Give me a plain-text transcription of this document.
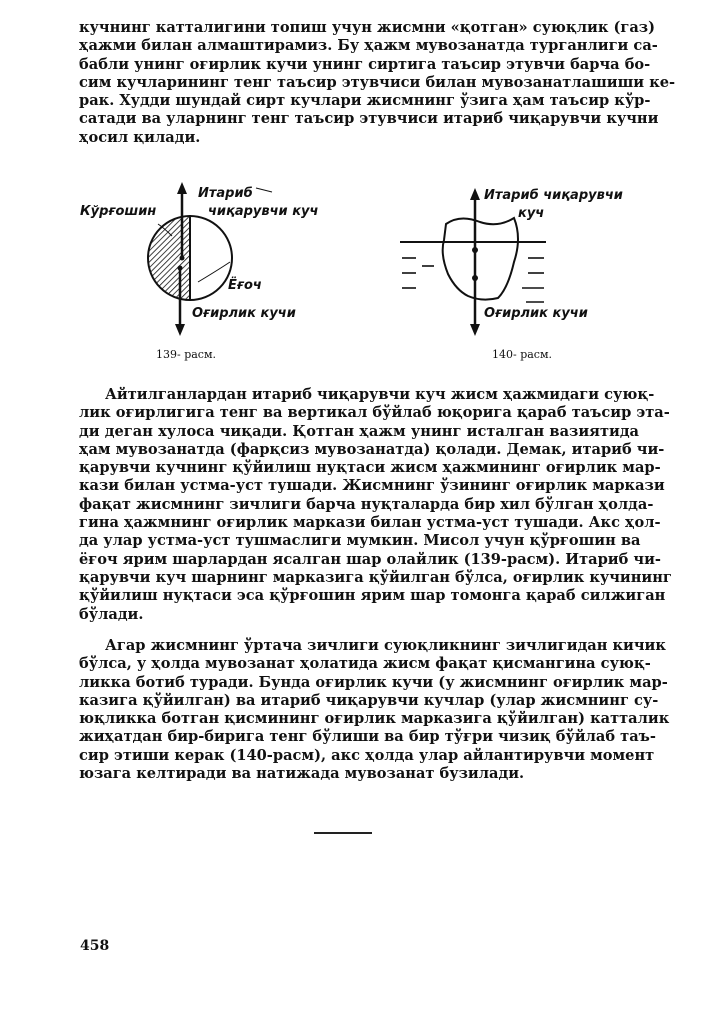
кучнинг катталигини топиш учун жисмни «қотган» суюқлик (газ)
ҳажми билан алмаштирамиз. Бу ҳажм мувозанатда турганлиги са-
бабли унинг оғирлик кучи унинг сиртига таъсир этувчи барча бо-
сим кучларининг тенг таъсир этувчиси билан мувозанатлашиши ке-
рак. Худди шундай сирт кучлари жисмнинг ўзига ҳам таъсир кўр-
сатади ва уларнинг тенг таъсир этувчиси итариб чиқарувчи кучни
ҳосил қилади.
Итариб
чиқарувчи куч
Кўрғошин
Ёғоч
Оғирлик кучи
139- расм.
Итариб чиқарувчи
куч
Оғирлик кучи
140- расм.
Айтилганлардан итариб чиқарувчи куч жисм ҳажмидаги суюқ-
лик оғирлигига тенг ва вертикал бўйлаб юқорига қараб таъсир эта-
ди деган хулоса чиқади. Қотган ҳажм унинг исталган вазиятида
ҳам мувозанатда (фарқсиз мувозанатда) қолади. Демак, итариб чи-
қарувчи кучнинг қўйилиш нуқтаси жисм ҳажмининг оғирлик мар-
кази билан устма-уст тушади. Жисмнинг ўзининг оғирлик маркази
фақат жисмнинг зичлиги барча нуқталарда бир хил бўлган ҳолдa-
гина ҳажмнинг оғирлик маркази билан устма-уст тушади. Акс ҳол-
да улар устма-уст тушмаслиги мумкин. Мисол учун қўрғошин ва
ёғоч ярим шарлардан ясалган шар олайлик (139-расм). Итариб чи-
қарувчи куч шарнинг марказига қўйилган бўлса, оғирлик кучининг
қўйилиш нуқтаси эса қўрғошин ярим шар томонга қараб силжиган
бўлади.
Агар жисмнинг ўртача зичлиги суюқликнинг зичлигидан кичик
бўлса, у ҳолда мувозанат ҳолатида жисм фақат қисмангина суюқ-
ликка ботиб туради. Бунда оғирлик кучи (у жисмнинг оғирлик мар-
казига қўйилган) ва итариб чиқарувчи кучлар (улар жисмнинг су-
юқликка ботган қисмининг оғирлик марказига қўйилган) катталик
жиҳатдан бир-бирига тенг бўлиши ва бир тўғри чизиқ бўйлаб таъ-
сир этиши керак (140-расм), акс ҳолда улар айлантирувчи момент
юзага келтиради ва натижада мувозанат бузилади.
458
